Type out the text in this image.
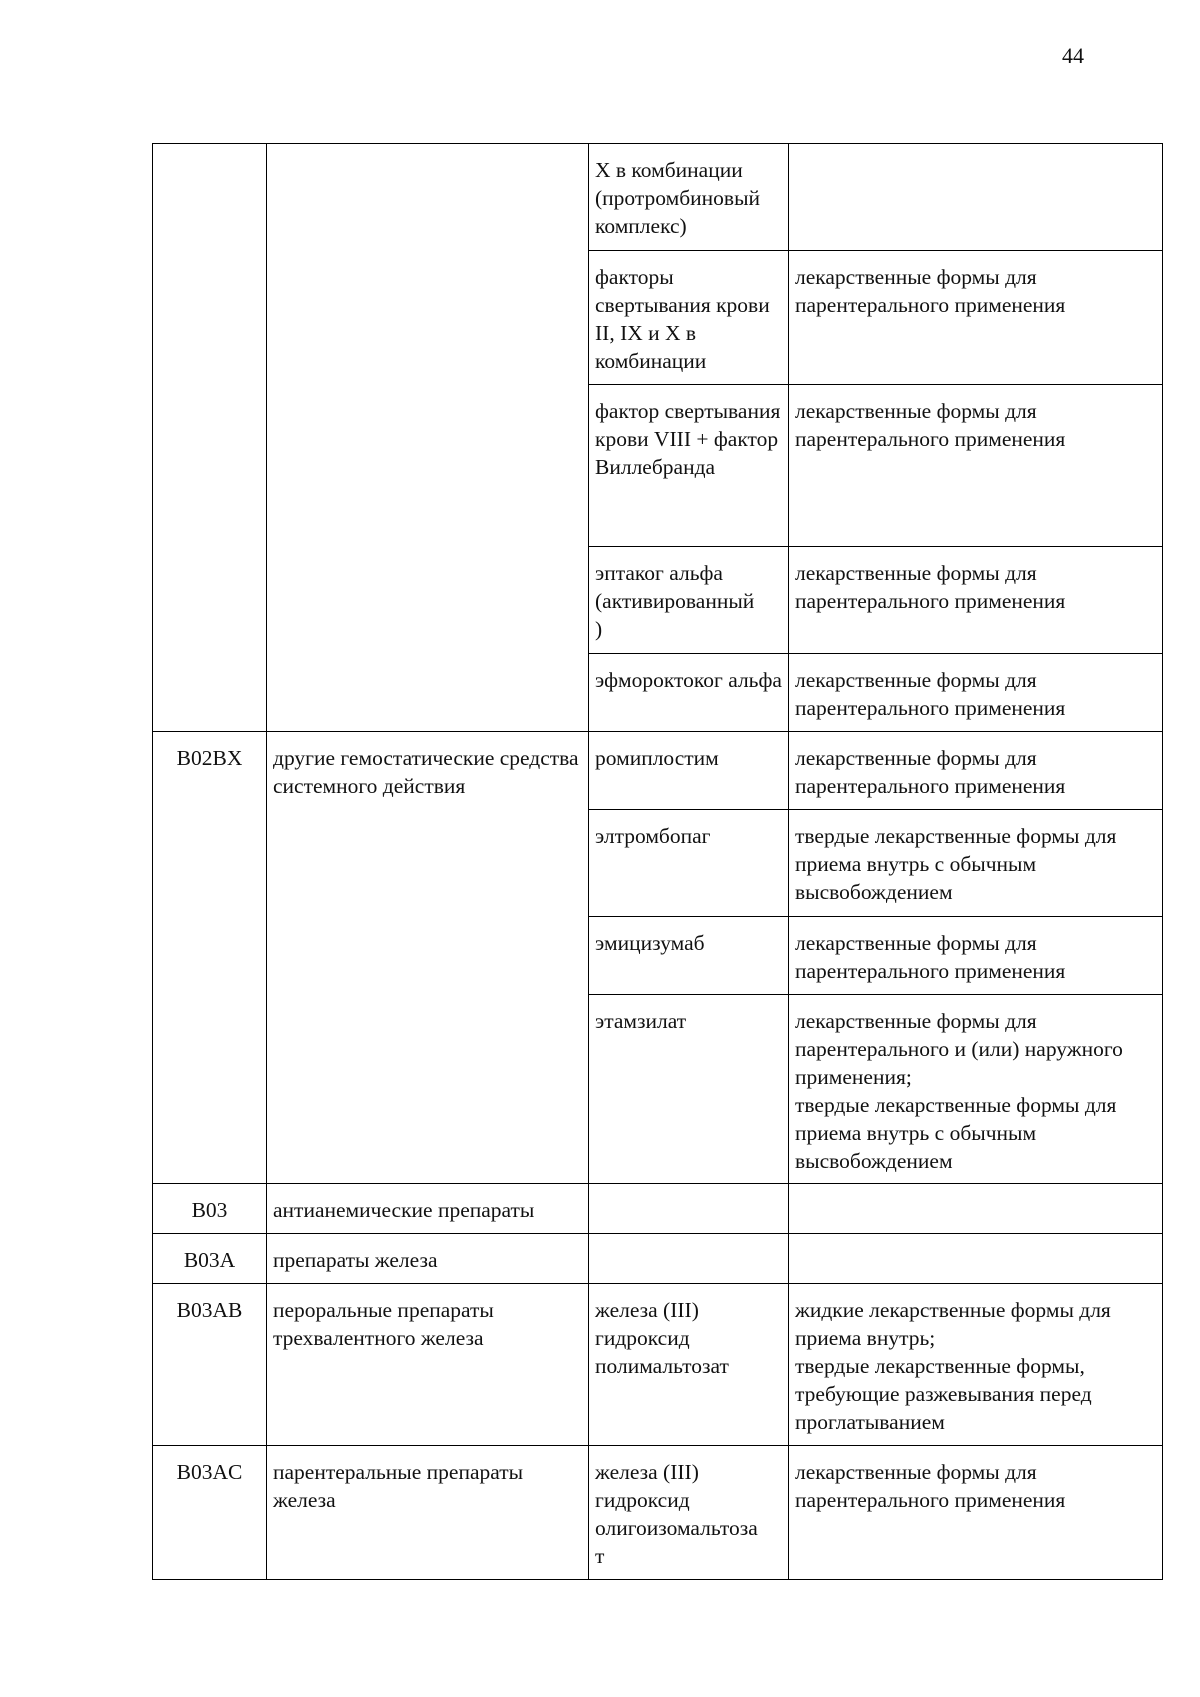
44
		Х в комбинации (протромбиновый комплекс)	
		факторы свертывания крови II, IX и X в комбинации	лекарственные формы для парентерального применения
		фактор свертывания крови VIII + фактор Виллебранда	лекарственные формы для парентерального применения
		эптаког альфа (активированный
)	лекарственные формы для парентерального применения
		эфмороктоког альфа	лекарственные формы для парентерального применения
B02BX	другие гемостатические средства системного действия	ромиплостим	лекарственные формы для парентерального применения
		элтромбопаг	твердые лекарственные формы для приема внутрь с обычным высвобождением
		эмицизумаб	лекарственные формы для парентерального применения
		этамзилат	лекарственные формы для парентерального и (или) наружного применения;
твердые лекарственные формы для приема внутрь с обычным высвобождением
B03	антианемические препараты		
B03A	препараты железа		
B03AB	пероральные препараты трехвалентного железа	железа (III) гидроксид полимальтозат	жидкие лекарственные формы для приема внутрь;
твердые лекарственные формы, требующие разжевывания перед проглатыванием
B03AC	парентеральные препараты железа	железа (III) гидроксид олигоизомальтоза
т	лекарственные формы для парентерального применения
